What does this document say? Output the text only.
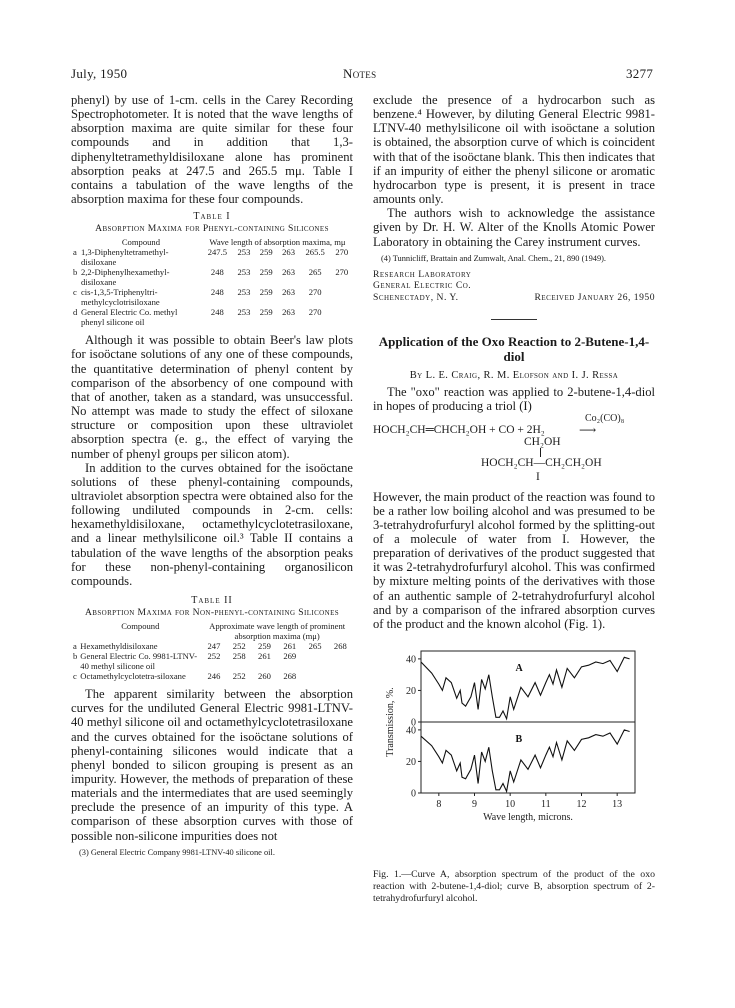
July, 1950	Notes	3277

phenyl) by use of 1-cm. cells in the Carey Recording Spectrophotometer. It is noted that the wave lengths of absorption maxima are quite similar for these four compounds and in addition that 1,3-diphenyltetramethyldisiloxane alone has prominent absorption peaks at 247.5 and 265.5 mμ. Table I contains a tabulation of the wave lengths of the absorption maxima for these four compounds.

Table I
Absorption Maxima for Phenyl-containing Silicones
	Compound	Wave length of absorption maxima, mμ					
a	1,3-Diphenyltetramethyl-disiloxane	247.5	253	259	263	265.5	270
b	2,2-Diphenylhexamethyl-disiloxane	248	253	259	263	265	270
c	cis-1,3,5-Triphenyltri-methylcyclotrisiloxane	248	253	259	263	270	
d	General Electric Co. methyl phenyl silicone oil	248	253	259	263	270	

Although it was possible to obtain Beer's law plots for isoöctane solutions of any one of these compounds, the quantitative determination of phenyl content by comparison of the absorbency of one compound with that of another, taken as a standard, was unsuccessful. No attempt was made to study the effect of siloxane structure or composition upon these ultraviolet absorption spectra (e. g., the effect of varying the number of phenyl groups per silicon atom).

In addition to the curves obtained for the isoöctane solutions of these phenyl-containing compounds, ultraviolet absorption spectra were obtained also for the following undiluted compounds in 2-cm. cells: hexamethyldisiloxane, octamethylcyclotetrasiloxane, and a linear methylsilicone oil.³ Table II contains a tabulation of the wave lengths of the absorption peaks for these non-phenyl-containing organosilicon compounds.

Table II
Absorption Maxima for Non-phenyl-containing Silicones
	Compound	Approximate wave length of prominent absorption maxima (mμ)					
a	Hexamethyldisiloxane	247	252	259	261	265	268
b	General Electric Co. 9981-LTNV-40 methyl silicone oil	252	258	261	269		
c	Octamethylcyclotetra-siloxane	246	252	260	268		

The apparent similarity between the absorption curves for the undiluted General Electric 9981-LTNV-40 methyl silicone oil and octamethylcyclotetrasiloxane and the curves obtained for the isoöctane solutions of phenyl-containing silicones would indicate that a phenyl bonded to silicon grouping is present as an impurity. However, the methods of preparation of these materials and the intermediates that are used seemingly preclude the presence of an impurity of this type. A comparison of these absorption curves with those of possible non-silicone impurities does not

(3) General Electric Company 9981-LTNV-40 silicone oil.

exclude the presence of a hydrocarbon such as benzene.⁴ However, by diluting General Electric 9981-LTNV-40 methylsilicone oil with isoöctane a solution is obtained, the absorption curve of which is coincident with that of the isoöctane blank. This then indicates that if an impurity of either the phenyl silicone or aromatic hydrocarbon type is present, it is present in trace amounts only.

The authors wish to acknowledge the assistance given by Dr. H. W. Alter of the Knolls Atomic Power Laboratory in obtaining the Carey instrument curves.

(4) Tunnicliff, Brattain and Zumwalt, Anal. Chem., 21, 890 (1949).

Research Laboratory
General Electric Co.
Schenectady, N. Y.	Received January 26, 1950
Application of the Oxo Reaction to 2-Butene-1,4-diol
By L. E. Craig, R. M. Elofson and I. J. Ressa

The "oxo" reaction was applied to 2-butene-1,4-diol in hopes of producing a triol (I)

HOCH₂CH═CHCH₂OH + CO + 2H₂
Co₂(CO)₈
⟶
CH₂OH
HOCH₂CH—CH₂CH₂OH
I

However, the main product of the reaction was found to be a rather low boiling alcohol and was presumed to be 3-tetrahydrofurfuryl alcohol formed by the splitting-out of a molecule of water from I. However, the preparation of derivatives of the product suggested that it was 2-tetrahydrofurfuryl alcohol. This was confirmed by mixture melting points of the derivatives with those of an authentic sample of 2-tetrahydrofurfuryl alcohol and by a comparison of the infrared absorption curves of the product and the known alcohol (Fig. 1).

40
20
0
40
20
0
A
B
8	9	10	11	12	13
Wave length, microns.
Transmission, %.

Fig. 1.—Curve A, absorption spectrum of the product of the oxo reaction with 2-butene-1,4-diol; curve B, absorption spectrum of 2-tetrahydrofurfuryl alcohol.
